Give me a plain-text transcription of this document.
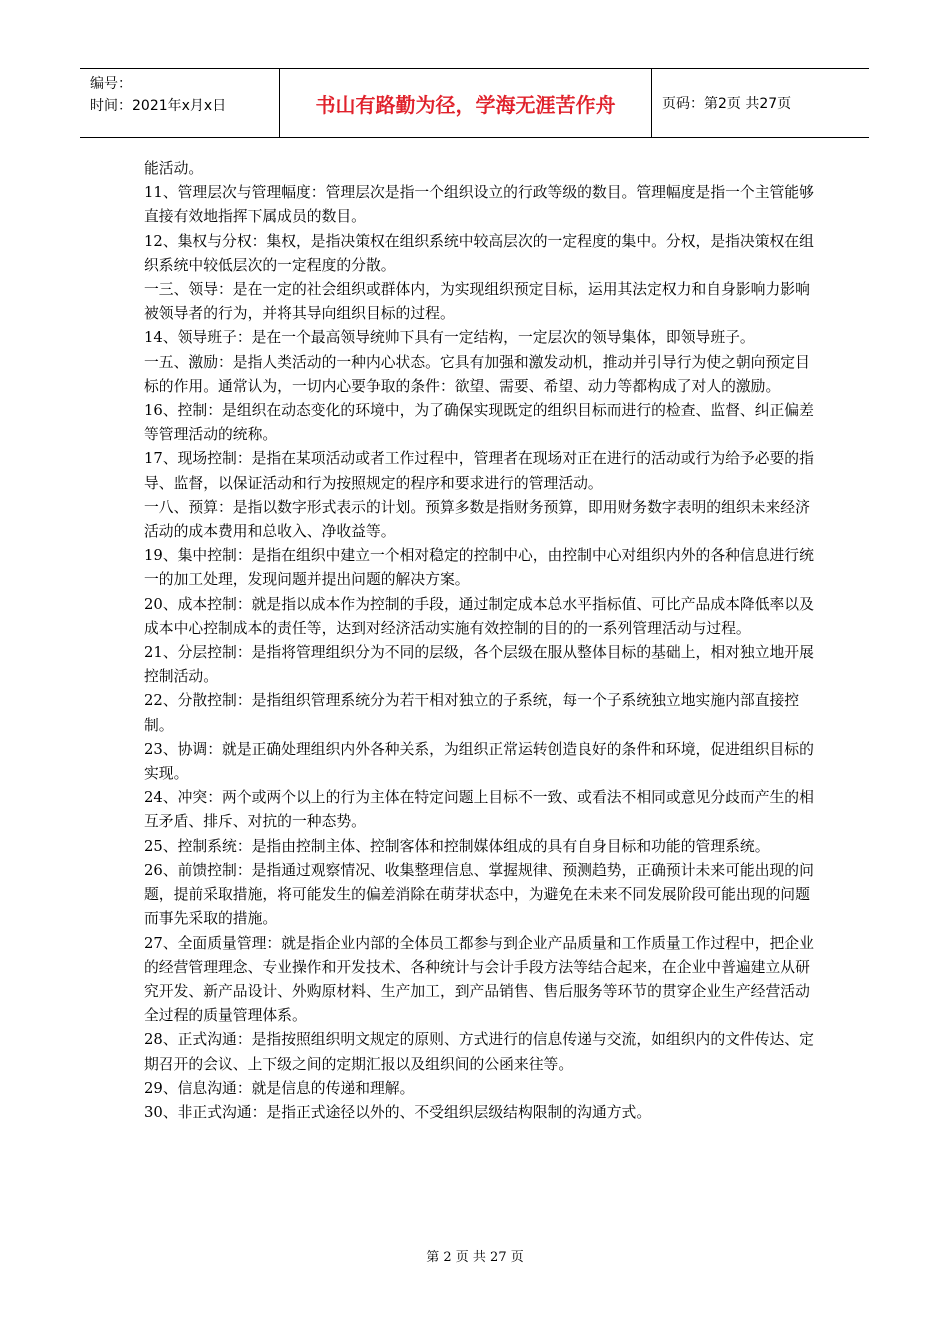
编号：
时间：2021年x月x日	书山有路勤为径，学海无涯苦作舟	页码：第2页 共27页

能活动。

11、管理层次与管理幅度：管理层次是指一个组织设立的行政等级的数目。管理幅度是指一个主管能够直接有效地指挥下属成员的数目。

12、集权与分权：集权，是指决策权在组织系统中较高层次的一定程度的集中。分权，是指决策权在组织系统中较低层次的一定程度的分散。

一三、领导：是在一定的社会组织或群体内，为实现组织预定目标，运用其法定权力和自身影响力影响被领导者的行为，并将其导向组织目标的过程。

14、领导班子：是在一个最高领导统帅下具有一定结构，一定层次的领导集体，即领导班子。

一五、激励：是指人类活动的一种内心状态。它具有加强和激发动机，推动并引导行为使之朝向预定目标的作用。通常认为，一切内心要争取的条件：欲望、需要、希望、动力等都构成了对人的激励。

16、控制：是组织在动态变化的环境中，为了确保实现既定的组织目标而进行的检查、监督、纠正偏差等管理活动的统称。

17、现场控制：是指在某项活动或者工作过程中，管理者在现场对正在进行的活动或行为给予必要的指导、监督，以保证活动和行为按照规定的程序和要求进行的管理活动。

一八、预算：是指以数字形式表示的计划。预算多数是指财务预算，即用财务数字表明的组织未来经济活动的成本费用和总收入、净收益等。

19、集中控制：是指在组织中建立一个相对稳定的控制中心，由控制中心对组织内外的各种信息进行统一的加工处理，发现问题并提出问题的解决方案。

20、成本控制：就是指以成本作为控制的手段，通过制定成本总水平指标值、可比产品成本降低率以及成本中心控制成本的责任等，达到对经济活动实施有效控制的目的的一系列管理活动与过程。

21、分层控制：是指将管理组织分为不同的层级，各个层级在服从整体目标的基础上，相对独立地开展控制活动。

22、分散控制：是指组织管理系统分为若干相对独立的子系统，每一个子系统独立地实施内部直接控制。

23、协调：就是正确处理组织内外各种关系，为组织正常运转创造良好的条件和环境，促进组织目标的实现。

24、冲突：两个或两个以上的行为主体在特定问题上目标不一致、或看法不相同或意见分歧而产生的相互矛盾、排斥、对抗的一种态势。

25、控制系统：是指由控制主体、控制客体和控制媒体组成的具有自身目标和功能的管理系统。

26、前馈控制：是指通过观察情况、收集整理信息、掌握规律、预测趋势，正确预计未来可能出现的问题，提前采取措施，将可能发生的偏差消除在萌芽状态中，为避免在未来不同发展阶段可能出现的问题而事先采取的措施。

27、全面质量管理：就是指企业内部的全体员工都参与到企业产品质量和工作质量工作过程中，把企业的经营管理理念、专业操作和开发技术、各种统计与会计手段方法等结合起来，在企业中普遍建立从研究开发、新产品设计、外购原材料、生产加工，到产品销售、售后服务等环节的贯穿企业生产经营活动全过程的质量管理体系。

28、正式沟通：是指按照组织明文规定的原则、方式进行的信息传递与交流，如组织内的文件传达、定期召开的会议、上下级之间的定期汇报以及组织间的公函来往等。

29、信息沟通：就是信息的传递和理解。

30、非正式沟通：是指正式途径以外的、不受组织层级结构限制的沟通方式。

第 2 页 共 27 页
